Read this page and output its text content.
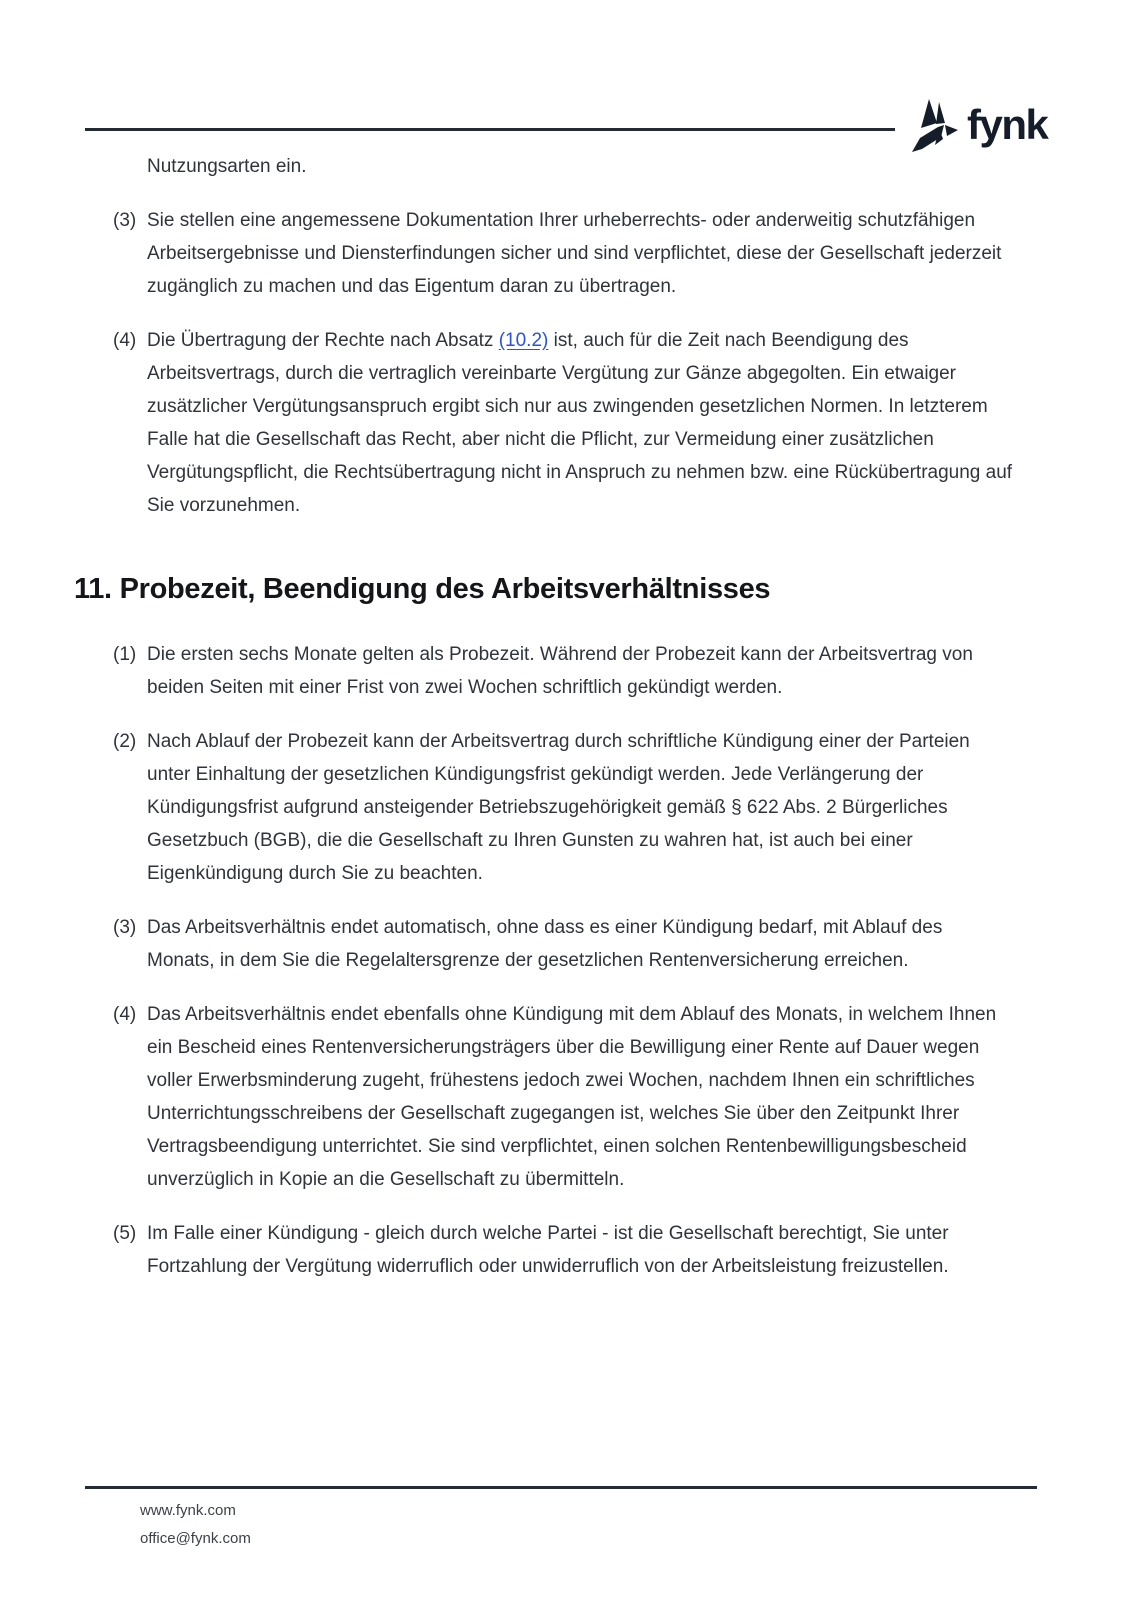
fynk

Nutzungsarten ein.

(3) Sie stellen eine angemessene Dokumentation Ihrer urheberrechts- oder anderweitig schutzfähigen Arbeitsergebnisse und Diensterfindungen sicher und sind verpflichtet, diese der Gesellschaft jederzeit zugänglich zu machen und das Eigentum daran zu übertragen.
(4) Die Übertragung der Rechte nach Absatz (10.2) ist, auch für die Zeit nach Beendigung des Arbeitsvertrags, durch die vertraglich vereinbarte Vergütung zur Gänze abgegolten. Ein etwaiger zusätzlicher Vergütungsanspruch ergibt sich nur aus zwingenden gesetzlichen Normen. In letzterem Falle hat die Gesellschaft das Recht, aber nicht die Pflicht, zur Vermeidung einer zusätzlichen Vergütungspflicht, die Rechtsübertragung nicht in Anspruch zu nehmen bzw. eine Rückübertragung auf Sie vorzunehmen.
11. Probezeit, Beendigung des Arbeitsverhältnisses
(1) Die ersten sechs Monate gelten als Probezeit. Während der Probezeit kann der Arbeitsvertrag von beiden Seiten mit einer Frist von zwei Wochen schriftlich gekündigt werden.
(2) Nach Ablauf der Probezeit kann der Arbeitsvertrag durch schriftliche Kündigung einer der Parteien unter Einhaltung der gesetzlichen Kündigungsfrist gekündigt werden. Jede Verlängerung der Kündigungsfrist aufgrund ansteigender Betriebszugehörigkeit gemäß § 622 Abs. 2 Bürgerliches Gesetzbuch (BGB), die die Gesellschaft zu Ihren Gunsten zu wahren hat, ist auch bei einer Eigenkündigung durch Sie zu beachten.
(3) Das Arbeitsverhältnis endet automatisch, ohne dass es einer Kündigung bedarf, mit Ablauf des Monats, in dem Sie die Regelaltersgrenze der gesetzlichen Rentenversicherung erreichen.
(4) Das Arbeitsverhältnis endet ebenfalls ohne Kündigung mit dem Ablauf des Monats, in welchem Ihnen ein Bescheid eines Rentenversicherungsträgers über die Bewilligung einer Rente auf Dauer wegen voller Erwerbsminderung zugeht, frühestens jedoch zwei Wochen, nachdem Ihnen ein schriftliches Unterrichtungsschreibens der Gesellschaft zugegangen ist, welches Sie über den Zeitpunkt Ihrer Vertragsbeendigung unterrichtet. Sie sind verpflichtet, einen solchen Rentenbewilligungsbescheid unverzüglich in Kopie an die Gesellschaft zu übermitteln.
(5) Im Falle einer Kündigung - gleich durch welche Partei - ist die Gesellschaft berechtigt, Sie unter Fortzahlung der Vergütung widerruflich oder unwiderruflich von der Arbeitsleistung freizustellen.
www.fynk.com
office@fynk.com
